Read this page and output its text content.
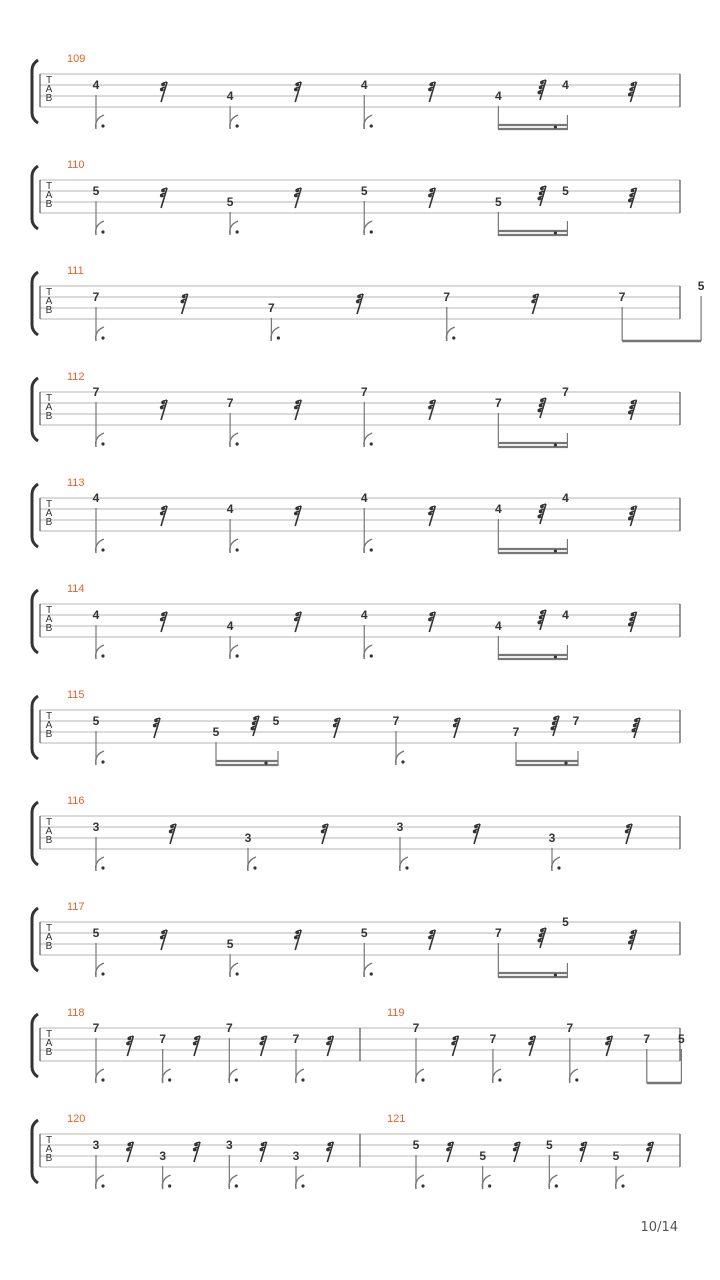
T
A
B
109
4
4
4
4
4
T
A
B
110
5
5
5
5
5
T
A
B
111
7
7
7	7
5
T
A
B
112
7
7
7
7
7
T
A
B
113
4
4
4
4
4
T
A
B
114
4
4
4
4
4
T
A
B
115
5
5
5	7
7
7
T
A
B
116
3
3
3
3
T
A
B
117
5
5
5	7
5
T
A
B
118
7
7
7
7
119
7
7
7
7 5
T
A
B
120
3
3
3
3
121
5
5
5
5
10/14
